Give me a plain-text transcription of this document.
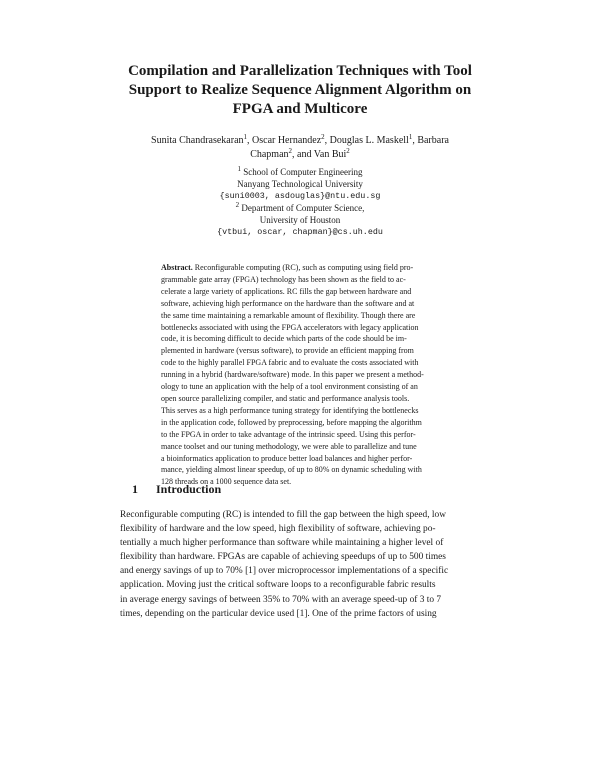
Compilation and Parallelization Techniques with Tool
Support to Realize Sequence Alignment Algorithm on
FPGA and Multicore
Sunita Chandrasekaran$^1$, Oscar Hernandez$^2$, Douglas L. Maskell$^1$, Barbara
Chapman$^2$, and Van Bui$^2$
$^1$ School of Computer Engineering
Nanyang Technological University
{suni0003, asdouglas}@ntu.edu.sg
$^2$ Department of Computer Science,
University of Houston
{vtbui, oscar, chapman}@cs.uh.edu
Abstract. Reconfigurable computing (RC), such as computing using field pro-
grammable gate array (FPGA) technology has been shown as the field to ac-
celerate a large variety of applications. RC fills the gap between hardware and
software, achieving high performance on the hardware than the software and at
the same time maintaining a remarkable amount of flexibility. Though there are
bottlenecks associated with using the FPGA accelerators with legacy application
code, it is becoming difficult to decide which parts of the code should be im-
plemented in hardware (versus software), to provide an efficient mapping from
code to the highly parallel FPGA fabric and to evaluate the costs associated with
running in a hybrid (hardware/software) mode. In this paper we present a method-
ology to tune an application with the help of a tool environment consisting of an
open source parallelizing compiler, and static and performance analysis tools.
This serves as a high performance tuning strategy for identifying the bottlenecks
in the application code, followed by preprocessing, before mapping the algorithm
to the FPGA in order to take advantage of the intrinsic speed. Using this perfor-
mance toolset and our tuning methodology, we were able to parallelize and tune
a bioinformatics application to produce better load balances and higher perfor-
mance, yielding almost linear speedup, of up to 80% on dynamic scheduling with
128 threads on a 1000 sequence data set.
1 Introduction
Reconfigurable computing (RC) is intended to fill the gap between the high speed, low
flexibility of hardware and the low speed, high flexibility of software, achieving po-
tentially a much higher performance than software while maintaining a higher level of
flexibility than hardware. FPGAs are capable of achieving speedups of up to 500 times
and energy savings of up to 70% [1] over microprocessor implementations of a specific
application. Moving just the critical software loops to a reconfigurable fabric results
in average energy savings of between 35% to 70% with an average speed-up of 3 to 7
times, depending on the particular device used [1]. One of the prime factors of using
